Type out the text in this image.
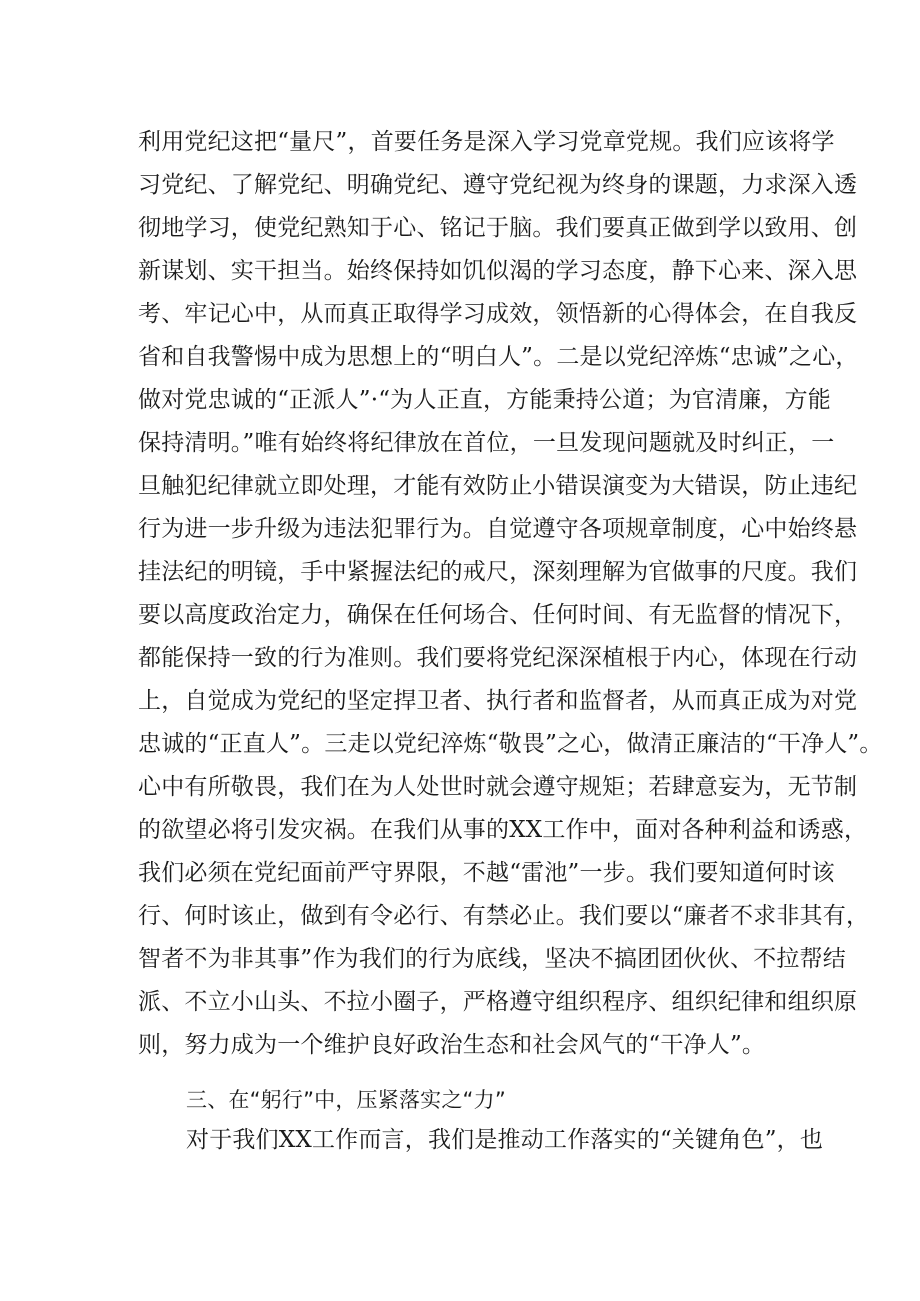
利用党纪这把“量尺”，首要任务是深入学习党章党规。我们应该将学
习党纪、了解党纪、明确党纪、遵守党纪视为终身的课题，力求深入透
彻地学习，使党纪熟知于心、铭记于脑。我们要真正做到学以致用、创
新谋划、实干担当。始终保持如饥似渴的学习态度，静下心来、深入思
考、牢记心中，从而真正取得学习成效，领悟新的心得体会，在自我反
省和自我警惕中成为思想上的“明白人”。二是以党纪淬炼“忠诚”之心，
做对党忠诚的“正派人”·“为人正直，方能秉持公道；为官清廉，方能
保持清明。”唯有始终将纪律放在首位，一旦发现问题就及时纠正，一
旦触犯纪律就立即处理，才能有效防止小错误演变为大错误，防止违纪
行为进一步升级为违法犯罪行为。自觉遵守各项规章制度，心中始终悬
挂法纪的明镜，手中紧握法纪的戒尺，深刻理解为官做事的尺度。我们
要以高度政治定力，确保在任何场合、任何时间、有无监督的情况下，
都能保持一致的行为准则。我们要将党纪深深植根于内心，体现在行动
上，自觉成为党纪的坚定捍卫者、执行者和监督者，从而真正成为对党
忠诚的“正直人”。三走以党纪淬炼“敬畏”之心，做清正廉洁的“干净人”。
心中有所敬畏，我们在为人处世时就会遵守规矩；若肆意妄为，无节制
的欲望必将引发灾祸。在我们从事的XX工作中，面对各种利益和诱惑，
我们必须在党纪面前严守界限，不越“雷池”一步。我们要知道何时该
行、何时该止，做到有令必行、有禁必止。我们要以“廉者不求非其有，
智者不为非其事”作为我们的行为底线，坚决不搞团团伙伙、不拉帮结
派、不立小山头、不拉小圈子，严格遵守组织程序、组织纪律和组织原
则，努力成为一个维护良好政治生态和社会风气的“干净人”。
三、在“躬行”中，压紧落实之“力”
对于我们XX工作而言，我们是推动工作落实的“关键角色”，也
